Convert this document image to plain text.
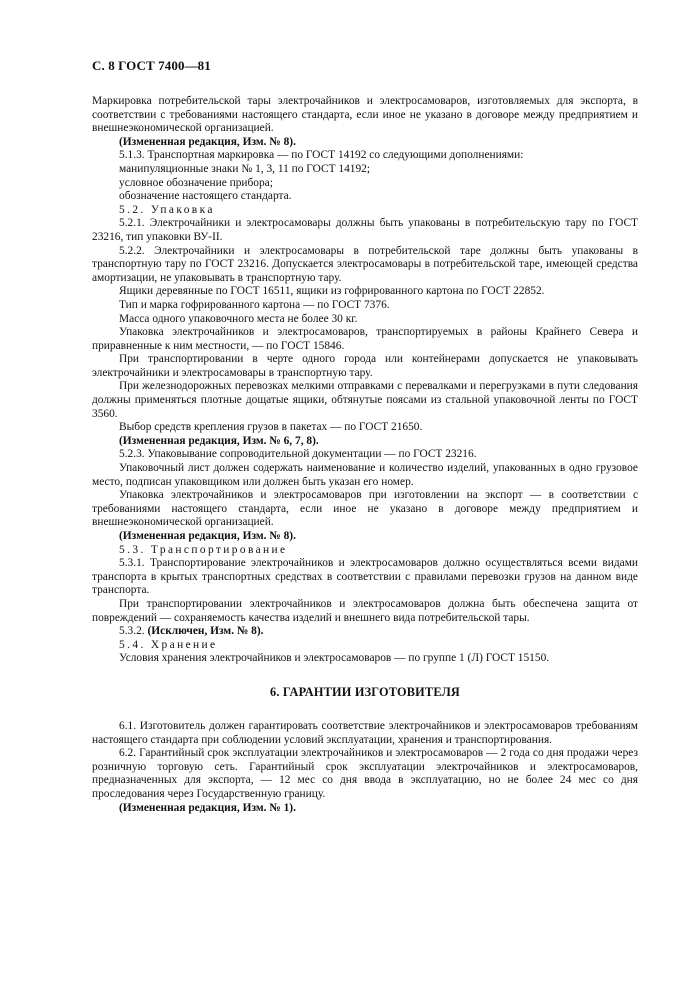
С. 8 ГОСТ 7400—81

Маркировка потребительской тары электрочайников и электросамоваров, изготовляемых для экспорта, в соответствии с требованиями настоящего стандарта, если иное не указано в договоре между предприятием и внешнеэкономической организацией.

(Измененная редакция, Изм. № 8).

5.1.3. Транспортная маркировка — по ГОСТ 14192 со следующими дополнениями:

манипуляционные знаки № 1, 3, 11 по ГОСТ 14192;

условное обозначение прибора;

обозначение настоящего стандарта.

5.2. Упаковка

5.2.1. Электрочайники и электросамовары должны быть упакованы в потребительскую тару по ГОСТ 23216, тип упаковки ВУ-II.

5.2.2. Электрочайники и электросамовары в потребительской таре должны быть упакованы в транспортную тару по ГОСТ 23216. Допускается электросамовары в потребительской таре, имеющей средства амортизации, не упаковывать в транспортную тару.

Ящики деревянные по ГОСТ 16511, ящики из гофрированного картона по ГОСТ 22852.

Тип и марка гофрированного картона — по ГОСТ 7376.

Масса одного упаковочного места не более 30 кг.

Упаковка электрочайников и электросамоваров, транспортируемых в районы Крайнего Севера и приравненные к ним местности, — по ГОСТ 15846.

При транспортировании в черте одного города или контейнерами допускается не упаковывать электрочайники и электросамовары в транспортную тару.

При железнодорожных перевозках мелкими отправками с перевалками и перегрузками в пути следования должны применяться плотные дощатые ящики, обтянутые поясами из стальной упаковочной ленты по ГОСТ 3560.

Выбор средств крепления грузов в пакетах — по ГОСТ 21650.

(Измененная редакция, Изм. № 6, 7, 8).

5.2.3. Упаковывание сопроводительной документации — по ГОСТ 23216.

Упаковочный лист должен содержать наименование и количество изделий, упакованных в одно грузовое место, подписан упаковщиком или должен быть указан его номер.

Упаковка электрочайников и электросамоваров при изготовлении на экспорт — в соответствии с требованиями настоящего стандарта, если иное не указано в договоре между предприятием и внешнеэкономической организацией.

(Измененная редакция, Изм. № 8).

5.3. Транспортирование

5.3.1. Транспортирование электрочайников и электросамоваров должно осуществляться всеми видами транспорта в крытых транспортных средствах в соответствии с правилами перевозки грузов на данном виде транспорта.

При транспортировании электрочайников и электросамоваров должна быть обеспечена защита от повреждений — сохраняемость качества изделий и внешнего вида потребительской тары.

5.3.2. (Исключен, Изм. № 8).

5.4. Хранение

Условия хранения электрочайников и электросамоваров — по группе 1 (Л) ГОСТ 15150.

6. ГАРАНТИИ ИЗГОТОВИТЕЛЯ

6.1. Изготовитель должен гарантировать соответствие электрочайников и электросамоваров требованиям настоящего стандарта при соблюдении условий эксплуатации, хранения и транспортирования.

6.2. Гарантийный срок эксплуатации электрочайников и электросамоваров — 2 года со дня продажи через розничную торговую сеть. Гарантийный срок эксплуатации электрочайников и электросамоваров, предназначенных для экспорта, — 12 мес со дня ввода в эксплуатацию, но не более 24 мес со дня проследования через Государственную границу.

(Измененная редакция, Изм. № 1).
